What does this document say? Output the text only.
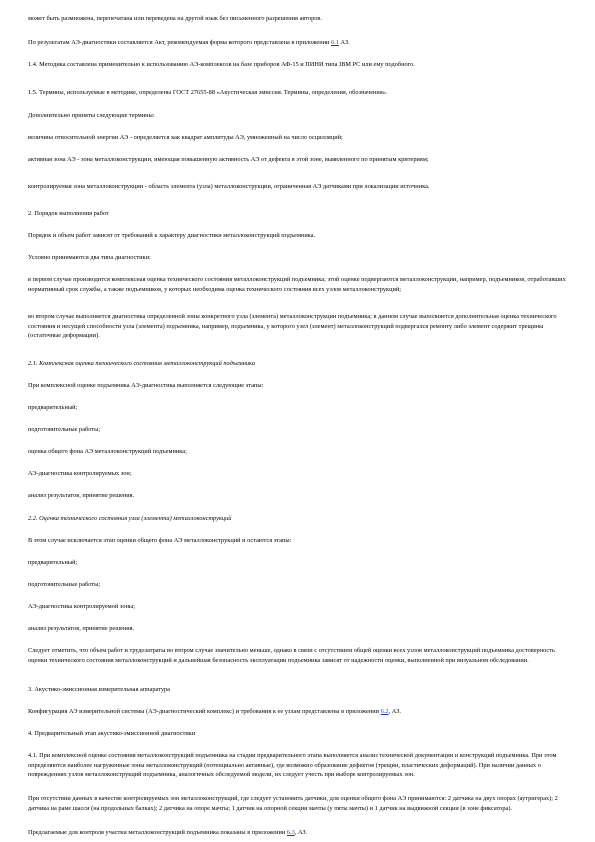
может быть размножена, перепечатана или переведена на другой язык без письменного разрешения авторов.
По результатам АЭ-диагностики составляется Акт, рекомендуемая форма которого представлена в приложении 6.1 АЗ.
1.4. Методика составлена применительно к использованию АЭ-комплексов на базе приборов АФ-15 и ПИНИ типа IBM PC или ему подобного.
1.5. Термины, используемые в методике, определены ГОСТ 27655-88 «Акустическая эмиссия. Термины, определения, обозначения».
Дополнительно приняты следующие термины:
величина относительной энергии АЭ - определяется как квадрат амплитуды АЭ, умноженный на число осцилляций;
активная зона АЭ - зона металлоконструкции, имеющая повышенную активность АЭ от дефекта в этой зоне, выявленного по принятым критериям;
контролируемая зона металлоконструкции - область элемента (узла) металлоконструкции, ограниченная АЭ датчиками при локализации источника.
2. Порядок выполнения работ
Порядок и объем работ зависят от требований к характеру диагностики металлоконструкций подъемника.
Условно принимаются два типа диагностики:
в первом случае производится комплексная оценка технического состояния металлоконструкций подъемника; этой оценке подвергаются металлоконструкции, например, подъемников, отработавших нормативный срок службы, а также подъемников, у которых необходима оценка технического состояния всех узлов металлоконструкций;
во втором случае выполняется диагностика определенной зоны конкретного узла (элемента) металлоконструкции подъемника; в данном случае выполняется дополнительная оценка технического состояния и несущей способности узла (элемента) подъемника, например, подъемника, у которого узел (элемент) металлоконструкций подвергался ремонту либо элемент содержит трещины (остаточные деформации).
2.1. Комплексная оценка технического состояния металлоконструкций подъемника
При комплексной оценке подъемника АЭ-диагностика выполняется следующие этапы:
предварительный;
подготовительные работы;
оценка общего фона АЭ металлоконструкций подъемника;
АЭ-диагностика контролируемых зон;
анализ результатов, принятие решения.
2.2. Оценка технического состояния узла (элемента) металлоконструкций
В этом случае исключается этап оценки общего фона АЭ металлоконструкций и остаются этапы:
предварительный;
подготовительные работы;
АЭ-диагностика контролируемой зоны;
анализ результатов, принятие решения.
Следует отметить, что объем работ и трудозатраты во втором случае значительно меньше, однако в связи с отсутствием общей оценки всех узлов металлоконструкций подъемника достоверность оценки технического состояния металлоконструкций и дальнейшая безопасность эксплуатации подъемника зависят от надежности оценки, выполненной при визуальном обследовании.
3. Акустико-эмиссионная измерительная аппаратура
Конфигурация АЭ измерительной системы (АЭ-диагностический комплекс) и требования к ее узлам представлены в приложении 6.2, АЗ.
4. Предварительный этап акустико-эмиссионной диагностики
4.1. При комплексной оценке состояния металлоконструкций подъемника на стадии предварительного этапа выполняется анализ технической документации и конструкций подъемника. При этом определяются наиболее нагруженные зоны металлоконструкций (потенциально активные), где возможно образование дефектов (трещин, пластических деформаций). При наличии данных о повреждениях узлов металлоконструкций подъемника, аналогичных обследуемой модели, их следует учесть при выборе контролируемых зон.
При отсутствии данных в качестве контролируемых зон металлоконструкций, где следует установить датчики, для оценки общего фона АЭ принимаются: 2 датчика на двух опорах (аутригерах); 2 датчика на раме шасси (на продольных балках); 2 датчика на опоре мачты; 1 датчик на опорной секции мачты (у пяты мачты) и 1 датчик на выдвижной секции (в зоне фиксатора).
Предлагаемые для контроля участки металлоконструкций подъемника показаны в приложении 6.3, АЗ.
